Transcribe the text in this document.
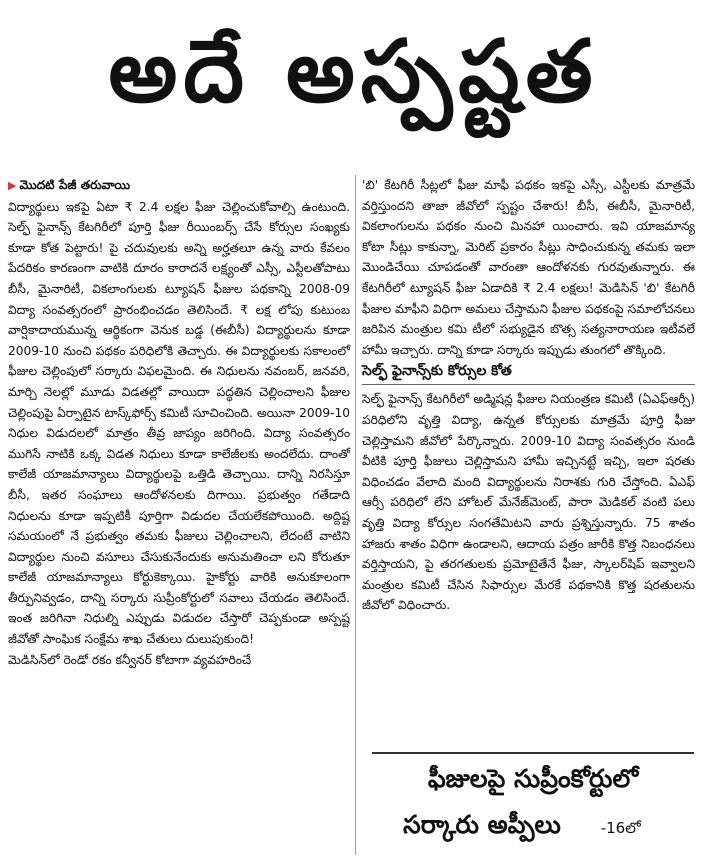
అదే అస్పష్టత

▶ మొదటి పేజీ తరువాయి

విద్యార్థులు ఇకపై ఏటా ₹ 2.4 లక్షల ఫీజు చెల్లించుకోవాల్సి ఉంటుంది. సెల్ఫ్ ఫైనాన్స్ కేటగిరీలో పూర్తి ఫీజు రీయింబర్స్ చేసే కోర్సుల సంఖ్యకు కూడా కోత పెట్టారు! పై చదువులకు అన్ని అర్హతలూ ఉన్న వారు కేవలం పేదరికం కారణంగా వాటికి దూరం కారాదనే లక్ష్యంతో ఎస్సీ, ఎస్టీలతోపాటు బీసీ, మైనారిటీ, వికలాంగులకు ట్యూషన్ ఫీజుల పథకాన్ని 2008-09 విద్యా సంవత్సరంలో ప్రారంభించడం తెలిసిందే. ₹ లక్ష లోపు కుటుంబ వార్షికాదాయమున్న ఆర్థికంగా వెనుక బడ్డ (ఈబీసీ) విద్యార్థులను కూడా 2009-10 నుంచి పథకం పరిధిలోకి తెచ్చారు. ఈ విద్యార్థులకు సకాలంలో ఫీజుల చెల్లింపులో సర్కారు విఫలమైంది. ఈ నిధులను నవంబర్, జనవరి, మార్చి నెలల్లో మూడు విడతల్లో వాయిదా పద్ధతిన చెల్లించాలని ఫీజుల చెల్లింపుపై ఏర్పాటైన టాస్క్‌ఫోర్స్ కమిటీ సూచించింది. అయినా 2009-10 నిధుల విడుదలలో మాత్రం తీవ్ర జాప్యం జరిగింది. విద్యా సంవత్సరం ముగిసే నాటికి ఒక్క విడత నిధులు కూడా కాలేజీలకు అందలేదు. దాంతో కాలేజీ యాజమాన్యాలు విద్యార్థులపై ఒత్తిడి తెచ్చాయి. దాన్ని నిరసిస్తూ బీసీ, ఇతర సంఘాలు ఆందోళనలకు దిగాయి. ప్రభుత్వం గతేడాది నిధులను కూడా ఇప్పటికీ పూర్తిగా విడుదల చేయలేకపోయింది. అద్దిష్ట సమయంలో నే ప్రభుత్వం తమకు ఫీజులు చెల్లించాలని, లేదంటే వాటిని విద్యార్థుల నుంచి వసూలు చేసుకునేందుకు అనుమతించా లని కోరుతూ కాలేజీ యాజమాన్యాలు కోర్టుకెక్కాయి. హైకోర్టు వారికి అనుకూలంగా తీర్పునివ్వడం, దాన్ని సర్కారు సుప్రీంకోర్టులో సవాలు చేయడం తెలిసిందే. ఇంత జరిగినా నిధుల్ని ఎప్పుడు విడుదల చేస్తారో చెప్పకుండా అస్పష్ట జీవోతో సాంఘిక సంక్షేమ శాఖ చేతులు దులుపుకుంది!

మెడిసిన్‌లో రెండో రకం కన్వీనర్ కోటాగా వ్యవహరించే

'బి' కేటగిరీ సీట్లలో ఫీజు మాఫీ పథకం ఇకపై ఎస్సీ, ఎస్టీలకు మాత్రమే వర్తిస్తుందని తాజా జీవోలో స్పష్టం చేశారు! బీసీ, ఈబీసీ, మైనారిటీ, వికలాంగులను పథకం నుంచి మినహా యించారు. ఇవి యాజమాన్య కోటా సీట్లు కాకున్నా, మెరిట్ ప్రకారం సీట్లు సాధించుకున్న తమకు ఇలా మొండిచేయి చూపడంతో వారంతా ఆందోళనకు గురవుతున్నారు. ఈ కేటగిరీలో ట్యూషన్ ఫీజు ఏడాదికి ₹ 2.4 లక్షలు! మెడిసిన్ 'బి' కేటగిరీ ఫీజుల మాఫీని విధిగా అమలు చేస్తామని ఫీజుల పథకంపై సమాలోచనలు జరిపిన మంత్రుల కమి టీలో సభ్యుడైన బొత్స సత్యనారాయణ ఇటీవలే హామీ ఇచ్చారు. దాన్ని కూడా సర్కారు ఇప్పుడు తుంగలో తొక్కింది.

సెల్ఫ్ ఫైనాన్స్‌కు కోర్సుల కోత

సెల్ఫ్ ఫైనాన్స్ కేటగిరీలో అడ్మిషన్ల ఫీజుల నియంత్రణ కమిటీ (ఏఎఫ్ఆర్సీ) పరిధిలోని వృత్తి విద్యా, ఉన్నత కోర్సులకు మాత్రమే పూర్తి ఫీజు చెల్లిస్తామని జీవోలో పేర్కొన్నారు. 2009-10 విద్యా సంవత్సరం నుండి వీటికి పూర్తి ఫీజులు చెల్లిస్తామని హామీ ఇచ్చినట్టే ఇచ్చి, ఇలా షరతు విధించడం వేలాది మంది విద్యార్థులను నిరాశకు గురి చేస్తోంది. ఏఎఫ్ ఆర్సీ పరిధిలో లేని హోటల్ మేనేజ్‌మెంట్, పారా మెడికల్ వంటి పలు వృత్తి విద్యా కోర్సుల సంగతేమిటని వారు ప్రశ్నిస్తున్నారు. 75 శాతం హాజరు శాతం విధిగా ఉండాలని, ఆదాయ పత్రం జారీకి కొత్త నిబంధనలు వర్తిస్తాయని, పై తరగతులకు ప్రమోటైతేనే ఫీజు, స్కాలర్‌షిప్ ఇవ్వాలని మంత్రుల కమిటీ చేసిన సిఫార్సుల మేరకే పథకానికి కొత్త షరతులను జీవోలో విధించారు.

ఫీజులపై సుప్రీంకోర్టులో
సర్కారు అప్పీలు	-16లో
